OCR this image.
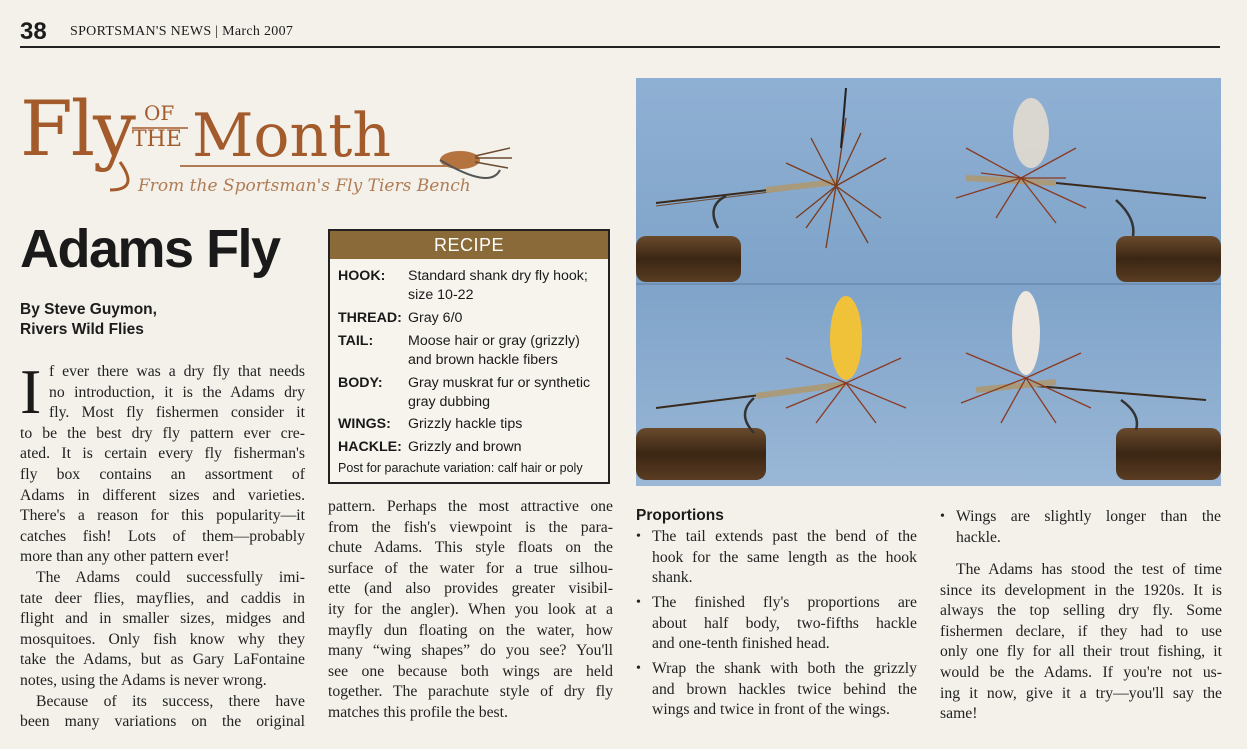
38 SPORTSMAN'S NEWS | March 2007
Fly OF
THE Month
From the Sportsman's Fly Tiers Bench
Adams Fly
By Steve Guymon,
Rivers Wild Flies
I f ever there was a dry fly that needs
no introduction, it is the Adams dry
fly. Most fly fishermen consider it
to be the best dry fly pattern ever cre-
ated. It is certain every fly fisherman's
fly box contains an assortment of
Adams in different sizes and varieties.
There's a reason for this popularity—it
catches fish! Lots of them—probably
more than any other pattern ever!
The Adams could successfully imi-
tate deer flies, mayflies, and caddis in
flight and in smaller sizes, midges and
mosquitoes. Only fish know why they
take the Adams, but as Gary LaFontaine
notes, using the Adams is never wrong.
Because of its success, there have
been many variations on the original
RECIPE
HOOK: Standard shank dry fly hook;
size 10-22
THREAD: Gray 6/0
TAIL: Moose hair or gray (grizzly)
and brown hackle fibers
BODY: Gray muskrat fur or synthetic
gray dubbing
WINGS: Grizzly hackle tips
HACKLE: Grizzly and brown
Post for parachute variation: calf hair or poly
pattern. Perhaps the most attractive one
from the fish's viewpoint is the para-
chute Adams. This style floats on the
surface of the water for a true silhou-
ette (and also provides greater visibil-
ity for the angler). When you look at a
mayfly dun floating on the water, how
many “wing shapes” do you see? You'll
see one because both wings are held
together. The parachute style of dry fly
matches this profile the best.
Proportions
• The tail extends past the bend of the
hook for the same length as the hook
shank.
• The finished fly's proportions are
about half body, two-fifths hackle
and one-tenth finished head.
• Wrap the shank with both the grizzly
and brown hackles twice behind the
wings and twice in front of the wings.
• Wings are slightly longer than the
hackle.
The Adams has stood the test of time
since its development in the 1920s. It is
always the top selling dry fly. Some
fishermen declare, if they had to use
only one fly for all their trout fishing, it
would be the Adams. If you're not us-
ing it now, give it a try—you'll say the
same!
